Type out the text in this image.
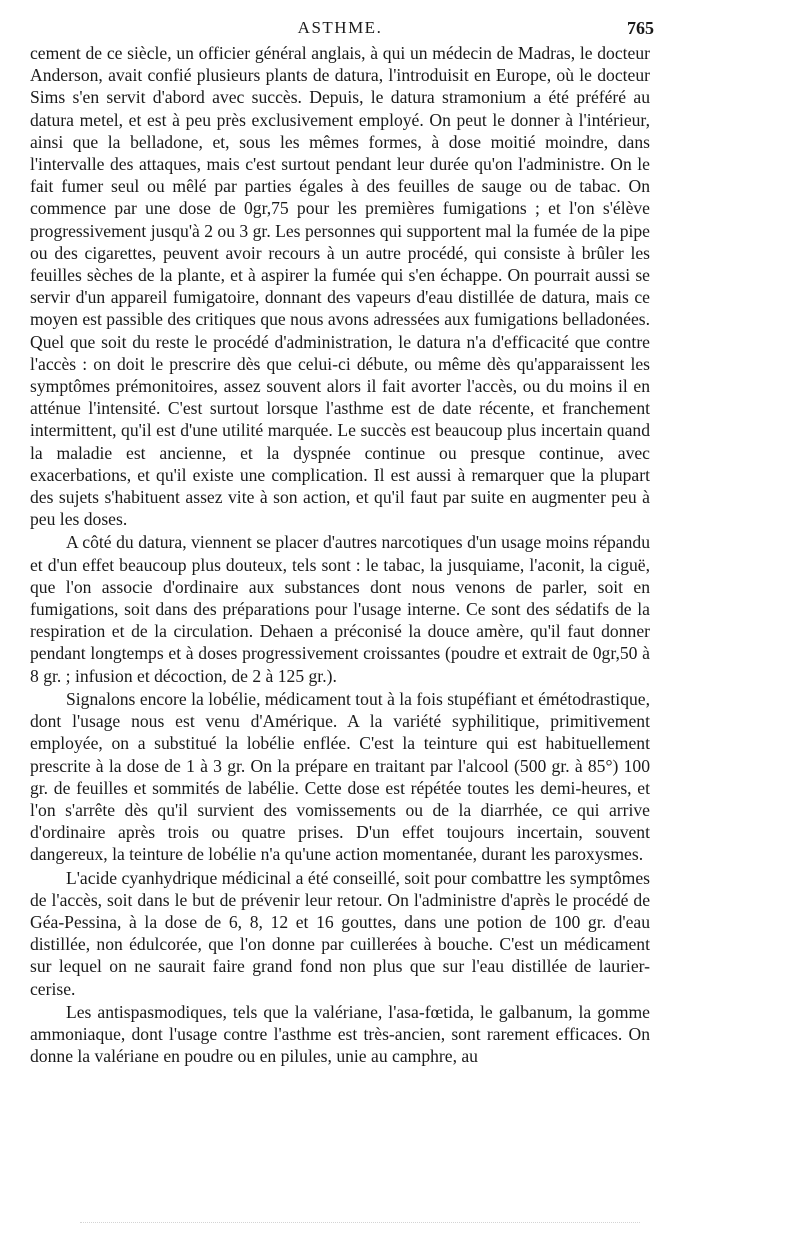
ASTHME.	765

cement de ce siècle, un officier général anglais, à qui un médecin de Madras, le docteur Anderson, avait confié plusieurs plants de datura, l'introduisit en Europe, où le docteur Sims s'en servit d'abord avec succès. Depuis, le datura stramonium a été préféré au datura metel, et est à peu près exclusivement employé. On peut le donner à l'intérieur, ainsi que la belladone, et, sous les mêmes formes, à dose moitié moindre, dans l'intervalle des attaques, mais c'est surtout pendant leur durée qu'on l'administre. On le fait fumer seul ou mêlé par parties égales à des feuilles de sauge ou de tabac. On commence par une dose de 0gr,75 pour les premières fumigations ; et l'on s'élève progressivement jusqu'à 2 ou 3 gr. Les personnes qui supportent mal la fumée de la pipe ou des cigarettes, peuvent avoir recours à un autre procédé, qui consiste à brûler les feuilles sèches de la plante, et à aspirer la fumée qui s'en échappe. On pourrait aussi se servir d'un appareil fumigatoire, donnant des vapeurs d'eau distillée de datura, mais ce moyen est passible des critiques que nous avons adressées aux fumigations belladonées. Quel que soit du reste le procédé d'administration, le datura n'a d'efficacité que contre l'accès : on doit le prescrire dès que celui-ci débute, ou même dès qu'apparaissent les symptômes prémonitoires, assez souvent alors il fait avorter l'accès, ou du moins il en atténue l'intensité. C'est surtout lorsque l'asthme est de date récente, et franchement intermittent, qu'il est d'une utilité marquée. Le succès est beaucoup plus incertain quand la maladie est ancienne, et la dyspnée continue ou presque continue, avec exacerbations, et qu'il existe une complication. Il est aussi à remarquer que la plupart des sujets s'habituent assez vite à son action, et qu'il faut par suite en augmenter peu à peu les doses.

A côté du datura, viennent se placer d'autres narcotiques d'un usage moins répandu et d'un effet beaucoup plus douteux, tels sont : le tabac, la jusquiame, l'aconit, la ciguë, que l'on associe d'ordinaire aux substances dont nous venons de parler, soit en fumigations, soit dans des préparations pour l'usage interne. Ce sont des sédatifs de la respiration et de la circulation. Dehaen a préconisé la douce amère, qu'il faut donner pendant longtemps et à doses progressivement croissantes (poudre et extrait de 0gr,50 à 8 gr. ; infusion et décoction, de 2 à 125 gr.).

Signalons encore la lobélie, médicament tout à la fois stupéfiant et émétodrastique, dont l'usage nous est venu d'Amérique. A la variété syphilitique, primitivement employée, on a substitué la lobélie enflée. C'est la teinture qui est habituellement prescrite à la dose de 1 à 3 gr. On la prépare en traitant par l'alcool (500 gr. à 85°) 100 gr. de feuilles et sommités de labélie. Cette dose est répétée toutes les demi-heures, et l'on s'arrête dès qu'il survient des vomissements ou de la diarrhée, ce qui arrive d'ordinaire après trois ou quatre prises. D'un effet toujours incertain, souvent dangereux, la teinture de lobélie n'a qu'une action momentanée, durant les paroxysmes.

L'acide cyanhydrique médicinal a été conseillé, soit pour combattre les symptômes de l'accès, soit dans le but de prévenir leur retour. On l'administre d'après le procédé de Géa-Pessina, à la dose de 6, 8, 12 et 16 gouttes, dans une potion de 100 gr. d'eau distillée, non édulcorée, que l'on donne par cuillerées à bouche. C'est un médicament sur lequel on ne saurait faire grand fond non plus que sur l'eau distillée de laurier-cerise.

Les antispasmodiques, tels que la valériane, l'asa-fœtida, le galbanum, la gomme ammoniaque, dont l'usage contre l'asthme est très-ancien, sont rarement efficaces. On donne la valériane en poudre ou en pilules, unie au camphre, au
